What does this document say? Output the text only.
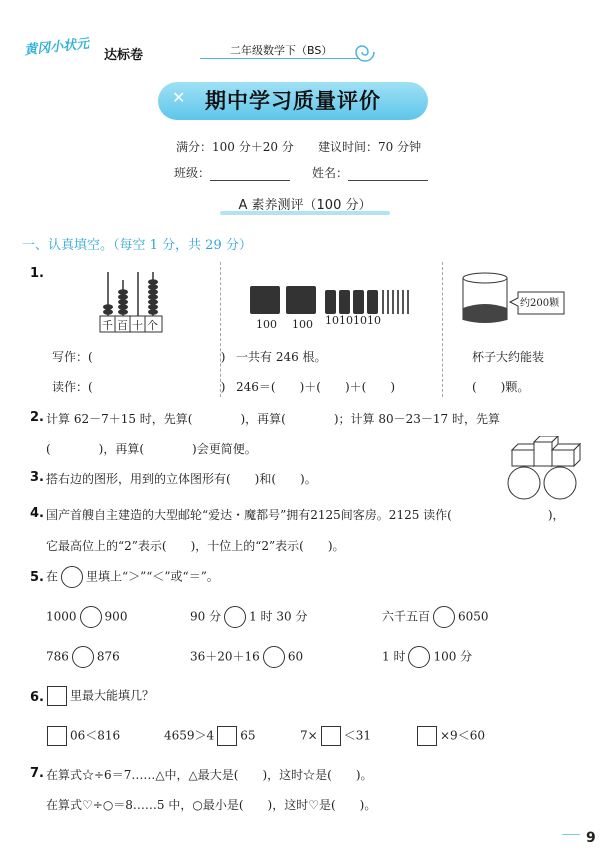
黄冈小状元 达标卷	二年级数学下（BS）
✕ 期中学习质量评价
满分：100 分＋20 分 建议时间：70 分钟
班级：	姓名：
A 素养测评（100 分）
一、认真填空。（每空 1 分，共 29 分）
1.
千 百 十 个
写作：(	)
读作：(	)
100 100 10 10 10 10
一共有 246 根。
246＝(　　)＋(　　)＋(　　)
约200颗
杯子大约能装
(　　)颗。
2. 计算 62－7＋15 时，先算(　　　　)，再算(　　　　)；计算 80－23－17 时，先算
(　　　　)，再算(　　　　)会更简便。
3. 搭右边的图形，用到的立体图形有(　　)和(　　)。
4. 国产首艘自主建造的大型邮轮“爱达・魔都号”拥有2125间客房。2125 读作(　　　　　　　　)，
它最高位上的“2”表示(　　)，十位上的“2”表示(　　)。
5. 在 里填上“＞”“＜”或“＝”。
1000 900	90 分 1 时 30 分	六千五百 6050
786 876	36＋20＋16 60	1 时 100 分
6.	里最大能填几？
06＜816	4659＞4 65	7× ＜31	×9＜60
7. 在算式☆÷6＝7……△中，△最大是(　　)，这时☆是(　　)。
在算式♡÷○＝8……5 中，○最小是(　　)，这时♡是(　　)。
9
